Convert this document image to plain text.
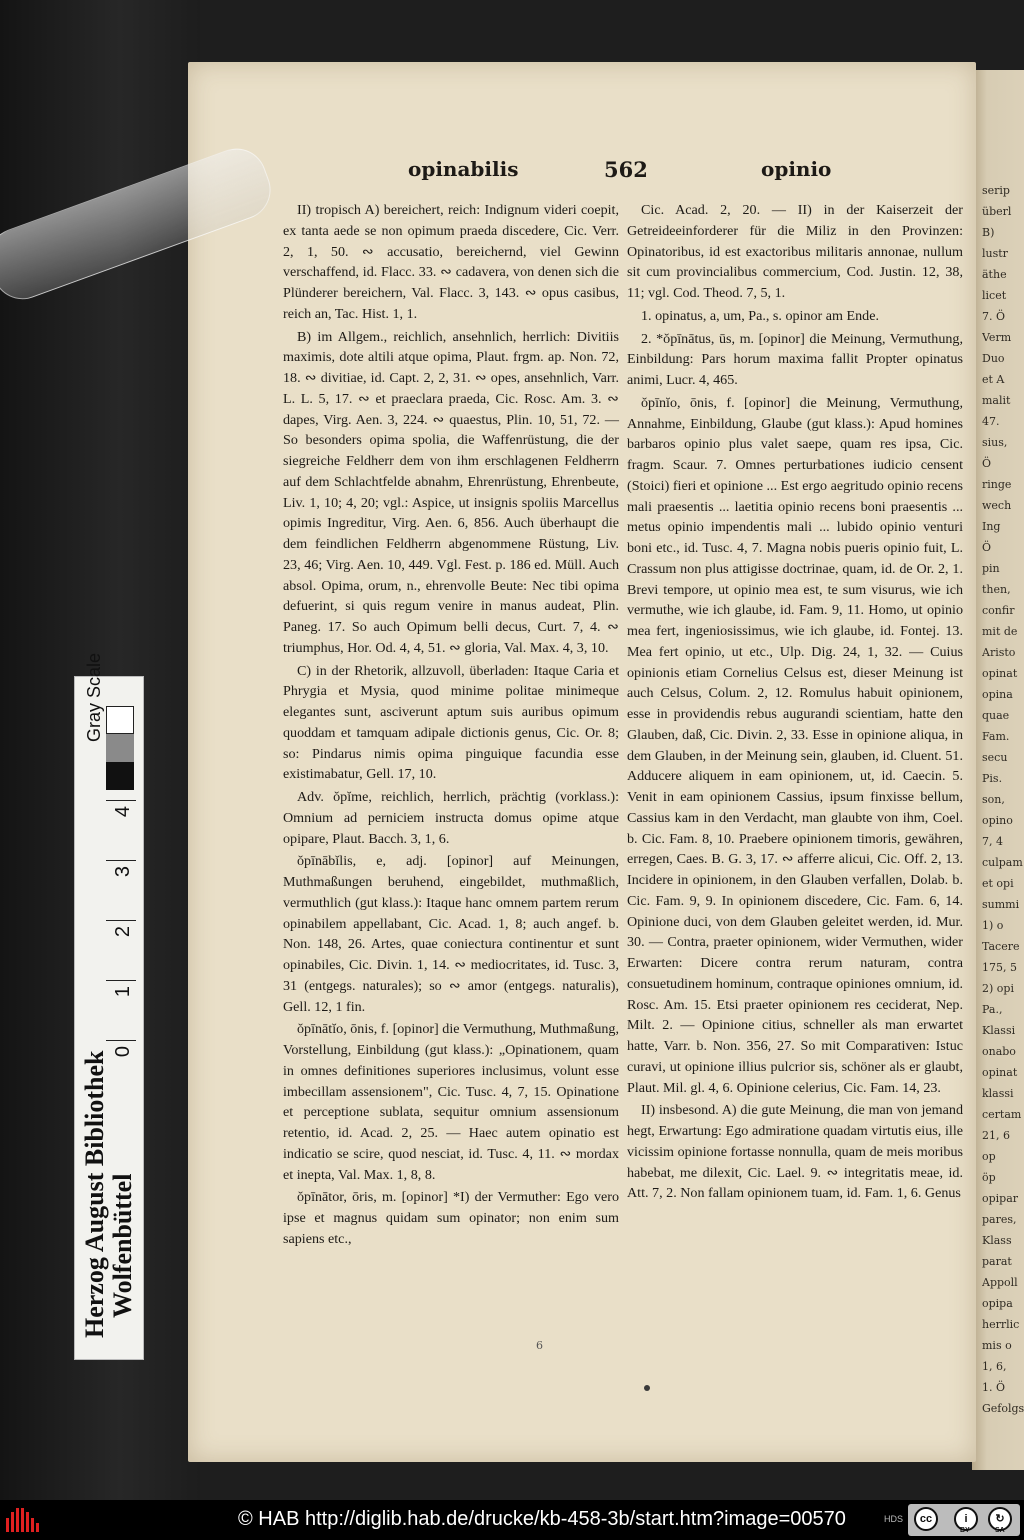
serip
überl
B)
lustr
äthe
licet
7. Ö
Verm
Duo
et A
malit
47.
sius,
Ö
ringe
wech
Ing
Ö
pin
then,
confir
mit de
Aristo
opinat
opina
quae
Fam.
secu
Pis.
son,
opino
7, 4
culpam
et opi
summi
1) o
Tacere
175, 5
2) opi
Pa.,
Klassi
onabo
opinat
klassi
certam
21, 6
op
öp
opipar
pares,
Klass
parat
Appoll
opipa
herrlic
mis o
1, 6,
1. Ö
Gefolgs
opinabilis	562	opinio

II) tropisch A) bereichert, reich: Indignum videri coepit, ex tanta aede se non opimum praeda discedere, Cic. Verr. 2, 1, 50. ∾ accusatio, bereichernd, viel Gewinn verschaffend, id. Flacc. 33. ∾ cadavera, von denen sich die Plünderer bereichern, Val. Flacc. 3, 143. ∾ opus casibus, reich an, Tac. Hist. 1, 1.

B) im Allgem., reichlich, ansehnlich, herrlich: Divitiis maximis, dote altili atque opima, Plaut. frgm. ap. Non. 72, 18. ∾ divitiae, id. Capt. 2, 2, 31. ∾ opes, ansehnlich, Varr. L. L. 5, 17. ∾ et praeclara praeda, Cic. Rosc. Am. 3. ∾ dapes, Virg. Aen. 3, 224. ∾ quaestus, Plin. 10, 51, 72. — So besonders opima spolia, die Waffenrüstung, die der siegreiche Feldherr dem von ihm erschlagenen Feldherrn auf dem Schlachtfelde abnahm, Ehrenrüstung, Ehrenbeute, Liv. 1, 10; 4, 20; vgl.: Aspice, ut insignis spoliis Marcellus opimis Ingreditur, Virg. Aen. 6, 856. Auch überhaupt die dem feindlichen Feldherrn abgenommene Rüstung, Liv. 23, 46; Virg. Aen. 10, 449. Vgl. Fest. p. 186 ed. Müll. Auch absol. Opima, orum, n., ehrenvolle Beute: Nec tibi opima defuerint, si quis regum venire in manus audeat, Plin. Paneg. 17. So auch Opimum belli decus, Curt. 7, 4. ∾ triumphus, Hor. Od. 4, 4, 51. ∾ gloria, Val. Max. 4, 3, 10.

C) in der Rhetorik, allzuvoll, überladen: Itaque Caria et Phrygia et Mysia, quod minime politae minimeque elegantes sunt, asciverunt aptum suis auribus opimum quoddam et tamquam adipale dictionis genus, Cic. Or. 8; so: Pindarus nimis opima pinguique facundia esse existimabatur, Gell. 17, 10.

Adv. ŏpĭme, reichlich, herrlich, prächtig (vorklass.): Omnium ad perniciem instructa domus opime atque opipare, Plaut. Bacch. 3, 1, 6.

ŏpīnābĭlis, e, adj. [opinor] auf Meinungen, Muthmaßungen beruhend, eingebildet, muthmaßlich, vermuthlich (gut klass.): Itaque hanc omnem partem rerum opinabilem appellabant, Cic. Acad. 1, 8; auch angef. b. Non. 148, 26. Artes, quae coniectura continentur et sunt opinabiles, Cic. Divin. 1, 14. ∾ mediocritates, id. Tusc. 3, 31 (entgegs. naturales); so ∾ amor (entgegs. naturalis), Gell. 12, 1 fin.

ŏpīnātĭo, ōnis, f. [opinor] die Vermuthung, Muthmaßung, Vorstellung, Einbildung (gut klass.): „Opinationem, quam in omnes definitiones superiores inclusimus, volunt esse imbecillam assensionem", Cic. Tusc. 4, 7, 15. Opinatione et perceptione sublata, sequitur omnium assensionum retentio, id. Acad. 2, 25. — Haec autem opinatio est indicatio se scire, quod nesciat, id. Tusc. 4, 11. ∾ mordax et inepta, Val. Max. 1, 8, 8.

ŏpīnātor, ōris, m. [opinor] *I) der Vermuther: Ego vero ipse et magnus quidam sum opinator; non enim sum sapiens etc.,

Cic. Acad. 2, 20. — II) in der Kaiserzeit der Getreideeinforderer für die Miliz in den Provinzen: Opinatoribus, id est exactoribus militaris annonae, nullum sit cum provincialibus commercium, Cod. Justin. 12, 38, 11; vgl. Cod. Theod. 7, 5, 1.

1. opinatus, a, um, Pa., s. opinor am Ende.

2. *ŏpīnātus, ūs, m. [opinor] die Meinung, Vermuthung, Einbildung: Pars horum maxima fallit Propter opinatus animi, Lucr. 4, 465.

ŏpīnĭo, ōnis, f. [opinor] die Meinung, Vermuthung, Annahme, Einbildung, Glaube (gut klass.): Apud homines barbaros opinio plus valet saepe, quam res ipsa, Cic. fragm. Scaur. 7. Omnes perturbationes iudicio censent (Stoici) fieri et opinione ... Est ergo aegritudo opinio recens mali praesentis ... laetitia opinio recens boni praesentis ... metus opinio impendentis mali ... lubido opinio venturi boni etc., id. Tusc. 4, 7. Magna nobis pueris opinio fuit, L. Crassum non plus attigisse doctrinae, quam, id. de Or. 2, 1. Brevi tempore, ut opinio mea est, te sum visurus, wie ich vermuthe, wie ich glaube, id. Fam. 9, 11. Homo, ut opinio mea fert, ingeniosissimus, wie ich glaube, id. Fontej. 13. Mea fert opinio, ut etc., Ulp. Dig. 24, 1, 32. — Cuius opinionis etiam Cornelius Celsus est, dieser Meinung ist auch Celsus, Colum. 2, 12. Romulus habuit opinionem, esse in providendis rebus augurandi scientiam, hatte den Glauben, daß, Cic. Divin. 2, 33. Esse in opinione aliqua, in dem Glauben, in der Meinung sein, glauben, id. Cluent. 51. Adducere aliquem in eam opinionem, ut, id. Caecin. 5. Venit in eam opinionem Cassius, ipsum finxisse bellum, Cassius kam in den Verdacht, man glaubte von ihm, Coel. b. Cic. Fam. 8, 10. Praebere opinionem timoris, gewähren, erregen, Caes. B. G. 3, 17. ∾ afferre alicui, Cic. Off. 2, 13. Incidere in opinionem, in den Glauben verfallen, Dolab. b. Cic. Fam. 9, 9. In opinionem discedere, Cic. Fam. 6, 14. Opinione duci, von dem Glauben geleitet werden, id. Mur. 30. — Contra, praeter opinionem, wider Vermuthen, wider Erwarten: Dicere contra rerum naturam, contra consuetudinem hominum, contraque opiniones omnium, id. Rosc. Am. 15. Etsi praeter opinionem res ceciderat, Nep. Milt. 2. — Opinione citius, schneller als man erwartet hatte, Varr. b. Non. 356, 27. So mit Comparativen: Istuc curavi, ut opinione illius pulcrior sis, schöner als er glaubt, Plaut. Mil. gl. 4, 6. Opinione celerius, Cic. Fam. 14, 23.

II) insbesond. A) die gute Meinung, die man von jemand hegt, Erwartung: Ego admiratione quadam virtutis eius, ille vicissim opinione fortasse nonnulla, quam de meis moribus habebat, me dilexit, Cic. Lael. 9. ∾ integritatis meae, id. Att. 7, 2. Non fallam opinionem tuam, id. Fam. 1, 6. Genus

6
Herzog August Bibliothek Wolfenbüttel
Gray Scale
0
1
2
3
4
© HAB http://diglib.hab.de/drucke/kb-458-3b/start.htm?image=00570	HDS	cc	i	↻
BY	SA
